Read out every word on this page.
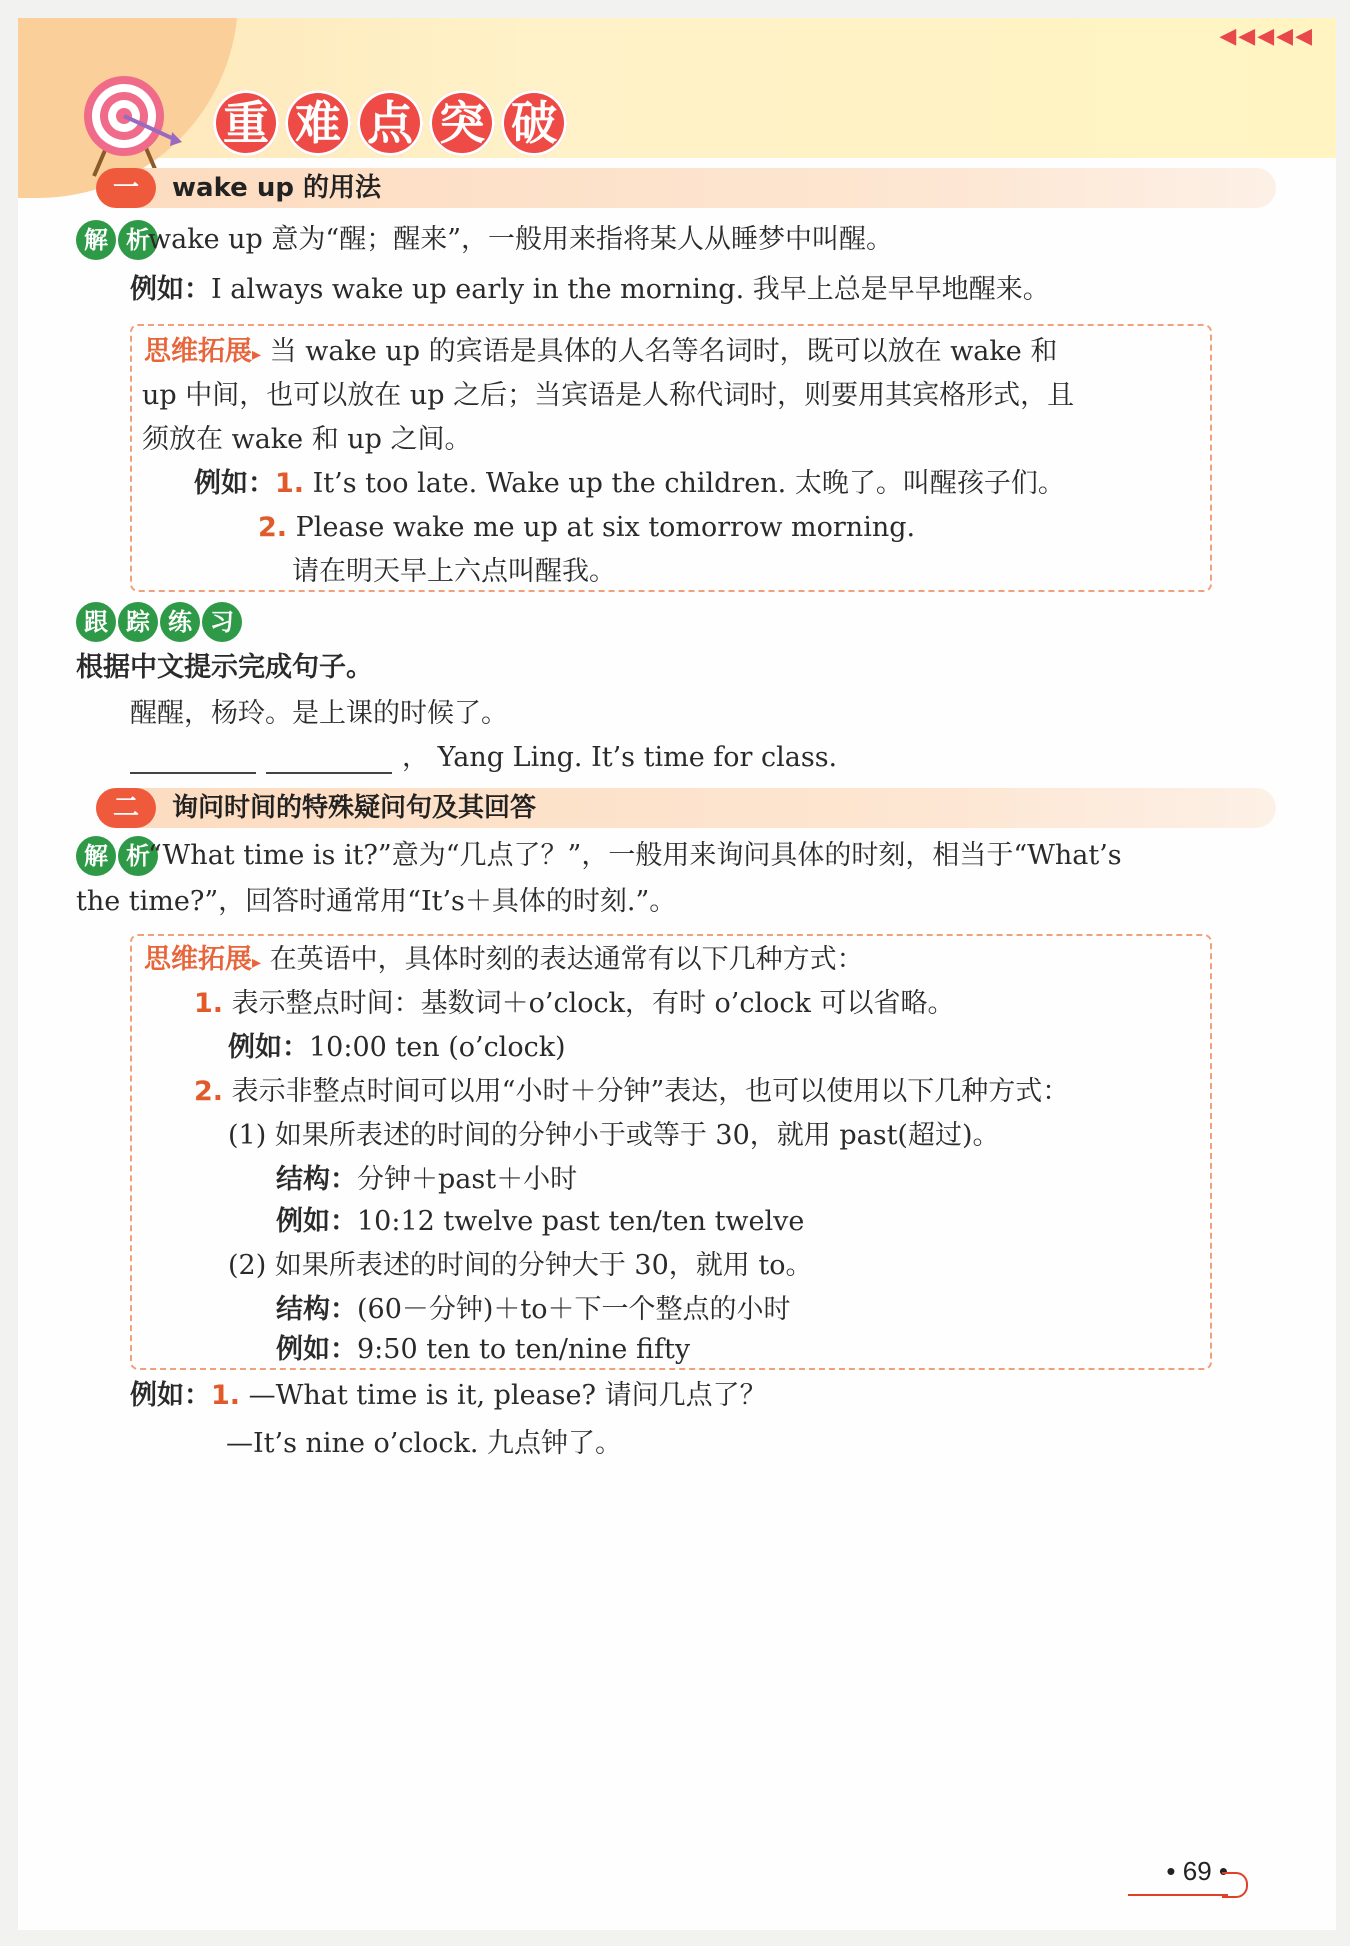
◀◀◀◀◀
重 难 点 突 破
一	wake up 的用法
解 析
wake up 意为“醒；醒来”，一般用来指将某人从睡梦中叫醒。
例如：I always wake up early in the morning. 我早上总是早早地醒来。
思维拓展▸ 当 wake up 的宾语是具体的人名等名词时，既可以放在 wake 和
up 中间，也可以放在 up 之后；当宾语是人称代词时，则要用其宾格形式，且
须放在 wake 和 up 之间。
例如：1. It’s too late. Wake up the children. 太晚了。叫醒孩子们。
2. Please wake me up at six tomorrow morning.
请在明天早上六点叫醒我。
跟 踪 练 习
根据中文提示完成句子。
醒醒，杨玲。是上课的时候了。
， Yang Ling. It’s time for class.
二	询问时间的特殊疑问句及其回答
解 析
“What time is it?”意为“几点了？”，一般用来询问具体的时刻，相当于“What’s
the time?”，回答时通常用“It’s＋具体的时刻.”。
思维拓展▸ 在英语中，具体时刻的表达通常有以下几种方式：
1. 表示整点时间：基数词＋o’clock，有时 o’clock 可以省略。
例如：10:00 ten (o’clock)
2. 表示非整点时间可以用“小时＋分钟”表达，也可以使用以下几种方式：
(1) 如果所表述的时间的分钟小于或等于 30，就用 past(超过)。
结构：分钟＋past＋小时
例如：10:12 twelve past ten/ten twelve
(2) 如果所表述的时间的分钟大于 30，就用 to。
结构：(60－分钟)＋to＋下一个整点的小时
例如：9:50 ten to ten/nine fifty
例如：1. —What time is it, please? 请问几点了？
—It’s nine o’clock. 九点钟了。
• 69 •
